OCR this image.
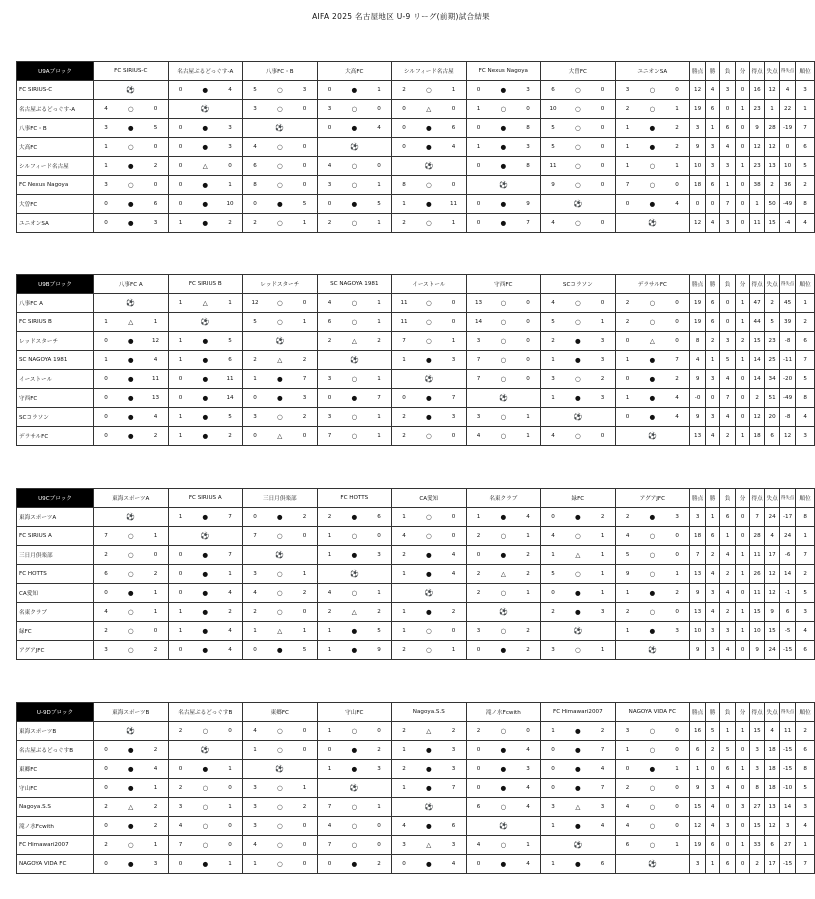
AIFA 2025 名古屋地区 U-9 リーグ(前期)試合結果
U9Aブロック	FC SIRIUS-C			名古屋ぶるどっぐす-A			八事FC・B			大高FC			シルフィード名古屋			FC Nexus Nagoya			大曽FC			ユニオンSA			勝点	勝	負	分	得点	失点	得失点	順位
FC SIRIUS-C	⚽			0	●	4	5	○	3	0	●	1	2	○	1	0	●	3	6	○	0	3	○	0	12	4	3	0	16	12	4	3
名古屋ぶるどっぐす-A	4	○	0	⚽			3	○	0	3	○	0	0	△	0	1	○	0	10	○	0	2	○	1	19	6	0	1	23	1	22	1
八事FC・B	3	●	5	0	●	3	⚽			0	●	4	0	●	6	0	●	8	5	○	0	1	●	2	3	1	6	0	9	28	-19	7
大高FC	1	○	0	0	●	3	4	○	0	⚽			0	●	4	1	●	3	5	○	0	1	●	2	9	3	4	0	12	12	0	6
シルフィード名古屋	1	●	2	0	△	0	6	○	0	4	○	0	⚽			0	●	8	11	○	0	1	○	1	10	3	3	1	23	13	10	5
FC Nexus Nagoya	3	○	0	0	●	1	8	○	0	3	○	1	8	○	0	⚽			9	○	0	7	○	0	18	6	1	0	38	2	36	2
大曽FC	0	●	6	0	●	10	0	●	5	0	●	5	1	●	11	0	●	9	⚽			0	●	4	0	0	7	0	1	50	-49	8
ユニオンSA	0	●	3	1	●	2	2	○	1	2	○	1	2	○	1	0	●	7	4	○	0	⚽			12	4	3	0	11	15	-4	4
U9Bブロック	八事FC A			FC SIRIUS B			レッドスターチ			SC NAGOYA 1981			イーストール			守西FC			SCコラソン			デラサルFC			勝点	勝	負	分	得点	失点	得失点	順位
八事FC A	⚽			1	△	1	12	○	0	4	○	1	11	○	0	13	○	0	4	○	0	2	○	0	19	6	0	1	47	2	45	1
FC SIRIUS B	1	△	1	⚽			5	○	1	6	○	1	11	○	0	14	○	0	5	○	1	2	○	0	19	6	0	1	44	5	39	2
レッドスターチ	0	●	12	1	●	5	⚽			2	△	2	7	○	1	3	○	0	2	●	3	0	△	0	8	2	3	2	15	23	-8	6
SC NAGOYA 1981	1	●	4	1	●	6	2	△	2	⚽			1	●	3	7	○	0	1	●	3	1	●	7	4	1	5	1	14	25	-11	7
イーストール	0	●	11	0	●	11	1	●	7	3	○	1	⚽			7	○	0	3	○	2	0	●	2	9	3	4	0	14	34	-20	5
守西FC	0	●	13	0	●	14	0	●	3	0	●	7	0	●	7	⚽			1	●	3	1	●	4	-0	0	7	0	2	51	-49	8
SCコラソン	0	●	4	1	●	5	3	○	2	3	○	1	2	●	3	3	○	1	⚽			0	●	4	9	3	4	0	12	20	-8	4
デラサルFC	0	●	2	1	●	2	0	△	0	7	○	1	2	○	0	4	○	1	4	○	0	⚽			13	4	2	1	18	6	12	3
U9Cブロック	東海スポーツA			FC SIRIUS A			三日月倶楽部			FC HOTTS			CA愛知			名東クラブ			緑FC			アグアJFC			勝点	勝	負	分	得点	失点	得失点	順位
東海スポーツA	⚽			1	●	7	0	●	2	2	●	6	1	○	0	1	●	4	0	●	2	2	●	3	3	1	6	0	7	24	-17	8
FC SIRIUS A	7	○	1	⚽			7	○	0	1	○	0	4	○	0	2	○	1	4	○	1	4	○	0	18	6	1	0	28	4	24	1
三日月倶楽部	2	○	0	0	●	7	⚽			1	●	3	2	●	4	0	●	2	1	△	1	5	○	0	7	2	4	1	11	17	-6	7
FC HOTTS	6	○	2	0	●	1	3	○	1	⚽			1	●	4	2	△	2	5	○	1	9	○	1	13	4	2	1	26	12	14	2
CA愛知	0	●	1	0	●	4	4	○	2	4	○	1	⚽			2	○	1	0	●	1	1	●	2	9	3	4	0	11	12	-1	5
名東クラブ	4	○	1	1	●	2	2	○	0	2	△	2	1	●	2	⚽			2	●	3	2	○	0	13	4	2	1	15	9	6	3
緑FC	2	○	0	1	●	4	1	△	1	1	●	5	1	○	0	3	○	2	⚽			1	●	3	10	3	3	1	10	15	-5	4
アグアJFC	3	○	2	0	●	4	0	●	5	1	●	9	2	○	1	0	●	2	3	○	1	⚽			9	3	4	0	9	24	-15	6
U-9Dブロック	東海スポーツB			名古屋ぶるどっぐすB			東郷FC			守山FC			Nagoya.S.S			滝ノ水Fcwith			FC Himawari2007			NAGOYA VIDA FC			勝点	勝	負	分	得点	失点	得失点	順位
東海スポーツB	⚽			2	○	0	4	○	0	1	○	0	2	△	2	2	○	0	1	●	2	3	○	0	16	5	1	1	15	4	11	2
名古屋ぶるどっぐすB	0	●	2	⚽			1	○	0	0	●	2	1	●	3	0	●	4	0	●	7	1	○	0	6	2	5	0	3	18	-15	6
東郷FC	0	●	4	0	●	1	⚽			1	●	3	2	●	3	0	●	3	0	●	4	0	●	1	1	0	6	1	3	18	-15	8
守山FC	0	●	1	2	○	0	3	○	1	⚽			1	●	7	0	●	4	0	●	7	2	○	0	9	3	4	0	8	18	-10	5
Nagoya.S.S	2	△	2	3	○	1	3	○	2	7	○	1	⚽			6	○	4	3	△	3	4	○	0	15	4	0	3	27	13	14	3
滝ノ水Fcwith	0	●	2	4	○	0	3	○	0	4	○	0	4	●	6	⚽			1	●	4	4	○	0	12	4	3	0	15	12	3	4
FC Himawari2007	2	○	1	7	○	0	4	○	0	7	○	0	3	△	3	4	○	1	⚽			6	○	1	19	6	0	1	33	6	27	1
NAGOYA VIDA FC	0	●	3	0	●	1	1	○	0	0	●	2	0	●	4	0	●	4	1	●	6	⚽			3	1	6	0	2	17	-15	7
